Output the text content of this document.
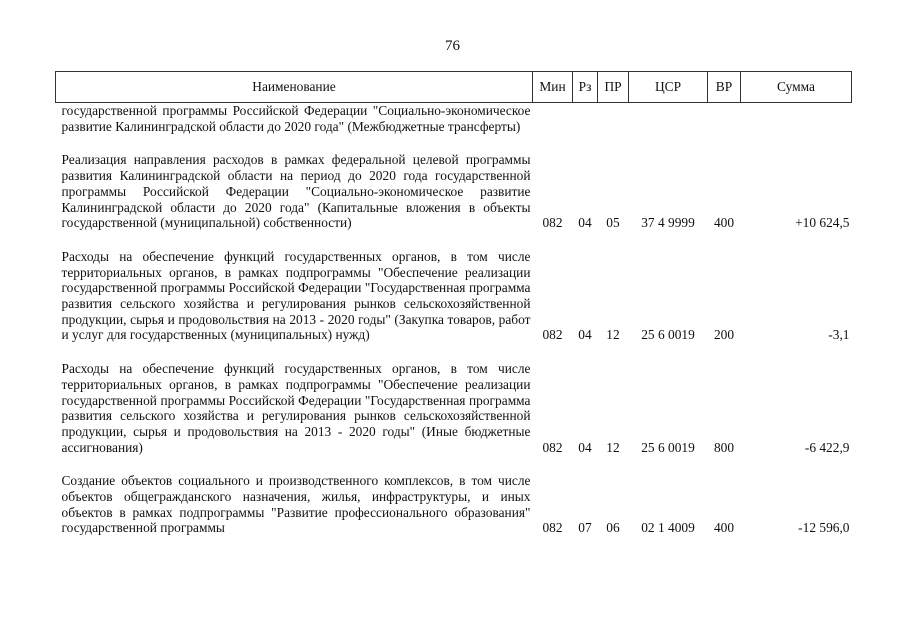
76
Наименование	Мин	Рз	ПР	ЦСР	ВР	Сумма
государственной программы Российской Федерации "Социально-экономическое развитие Калининградской области до 2020 года" (Межбюджетные трансферты)						
Реализация направления расходов в рамках федеральной целевой программы развития Калининградской области на период до 2020 года государственной программы Российской Федерации "Социально-экономическое развитие Калининградской области до 2020 года" (Капитальные вложения в объекты государственной (муниципальной) собственности)	082	04	05	37 4 9999	400	+10 624,5
Расходы на обеспечение функций государственных органов, в том числе территориальных органов, в рамках подпрограммы "Обеспечение реализации государственной программы Российской Федерации "Государственная программа развития сельского хозяйства и регулирования рынков сельскохозяйственной продукции, сырья и продовольствия на 2013 - 2020 годы" (Закупка товаров, работ и услуг для государственных (муниципальных) нужд)	082	04	12	25 6 0019	200	-3,1
Расходы на обеспечение функций государственных органов, в том числе территориальных органов, в рамках подпрограммы "Обеспечение реализации государственной программы Российской Федерации "Государственная программа развития сельского хозяйства и регулирования рынков сельскохозяйственной продукции, сырья и продовольствия на 2013 - 2020 годы" (Иные бюджетные ассигнования)	082	04	12	25 6 0019	800	-6 422,9
Создание объектов социального и производственного комплексов, в том числе объектов общегражданского назначения, жилья, инфраструктуры, и иных объектов в рамках подпрограммы "Развитие профессионального образования" государственной программы	082	07	06	02 1 4009	400	-12 596,0
